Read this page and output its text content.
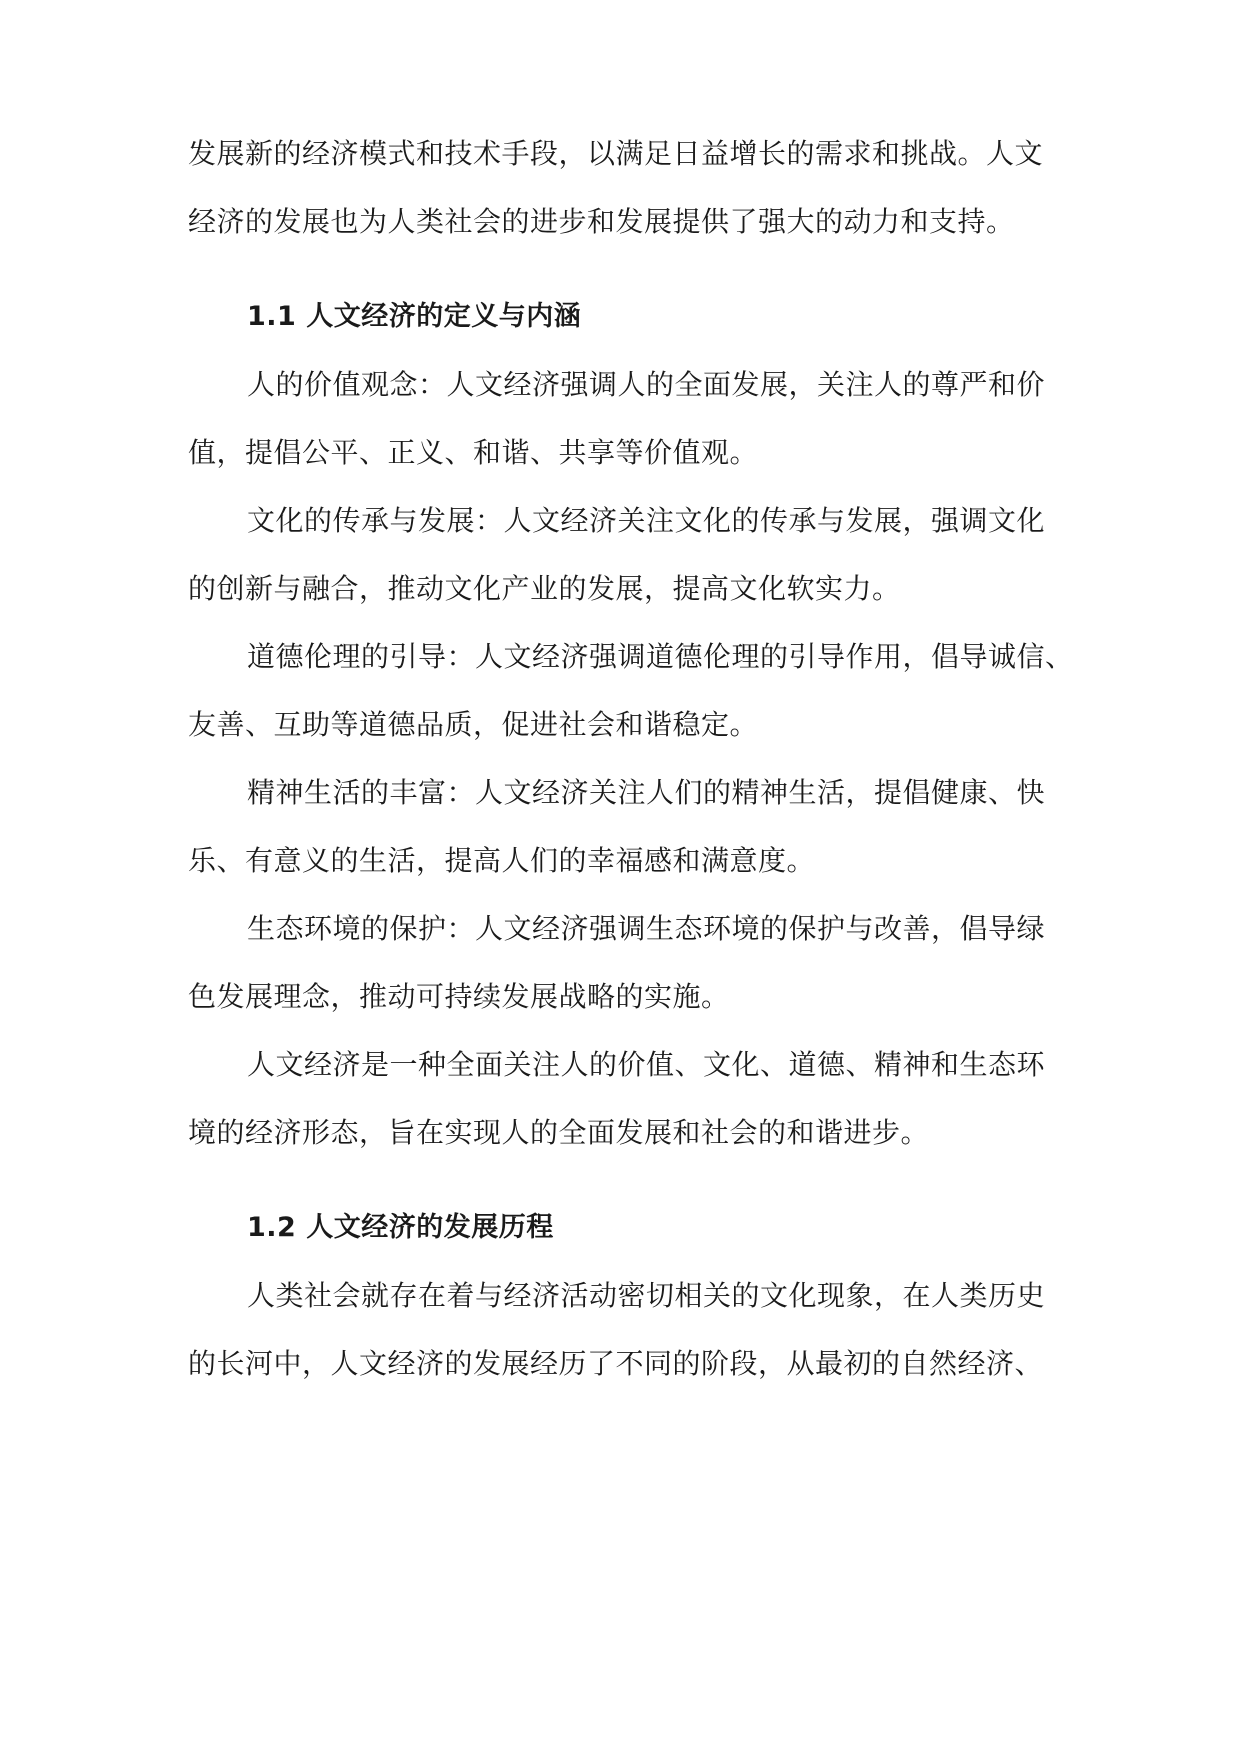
发展新的经济模式和技术手段，以满足日益增长的需求和挑战。人文
经济的发展也为人类社会的进步和发展提供了强大的动力和支持。
1.1 人文经济的定义与内涵
人的价值观念：人文经济强调人的全面发展，关注人的尊严和价
值，提倡公平、正义、和谐、共享等价值观。
文化的传承与发展：人文经济关注文化的传承与发展，强调文化
的创新与融合，推动文化产业的发展，提高文化软实力。
道德伦理的引导：人文经济强调道德伦理的引导作用，倡导诚信、
友善、互助等道德品质，促进社会和谐稳定。
精神生活的丰富：人文经济关注人们的精神生活，提倡健康、快
乐、有意义的生活，提高人们的幸福感和满意度。
生态环境的保护：人文经济强调生态环境的保护与改善，倡导绿
色发展理念，推动可持续发展战略的实施。
人文经济是一种全面关注人的价值、文化、道德、精神和生态环
境的经济形态，旨在实现人的全面发展和社会的和谐进步。
1.2 人文经济的发展历程
人类社会就存在着与经济活动密切相关的文化现象，在人类历史
的长河中，人文经济的发展经历了不同的阶段，从最初的自然经济、
